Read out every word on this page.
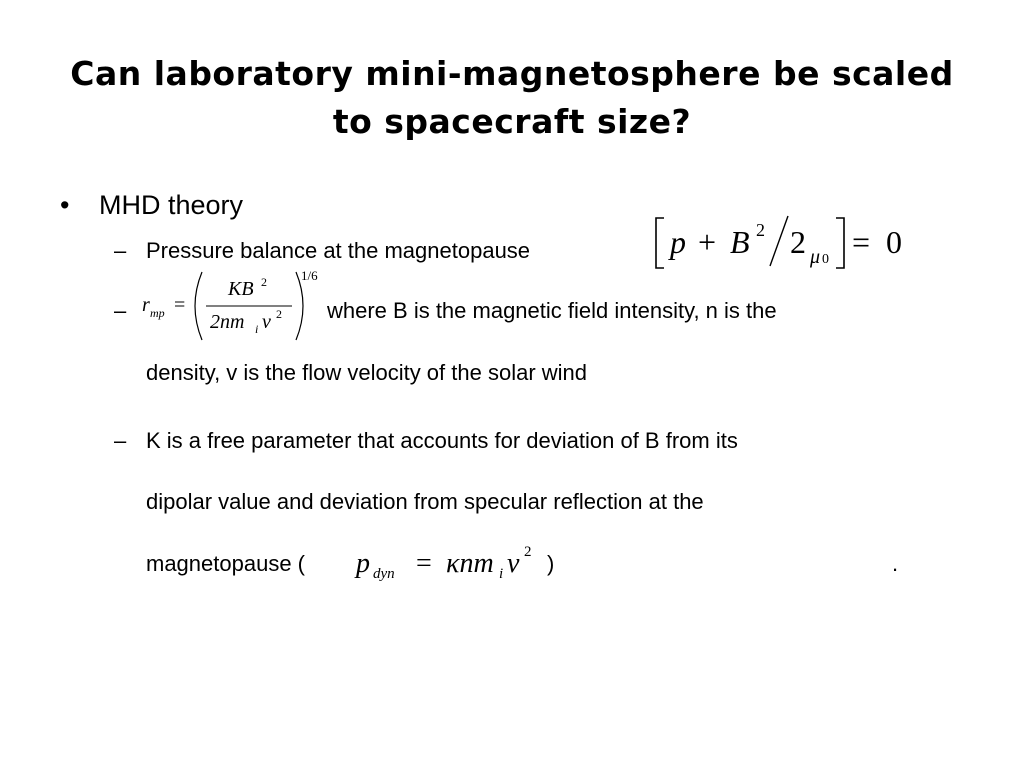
Can laboratory mini-magnetosphere be scaled
to spacecraft size?
• MHD theory
– Pressure balance at the magnetopause	p + B 2 2 μ 0 = 0
– r mp =
KB 2
2nm i v 2
1/6
where B is the magnetic field intensity, n is the
density, v is the flow velocity of the solar wind
– K is a free parameter that accounts for deviation of B from its
dipolar value and deviation from specular reflection at the
magnetopause ( p dyn = κnm i v 2 )	.
